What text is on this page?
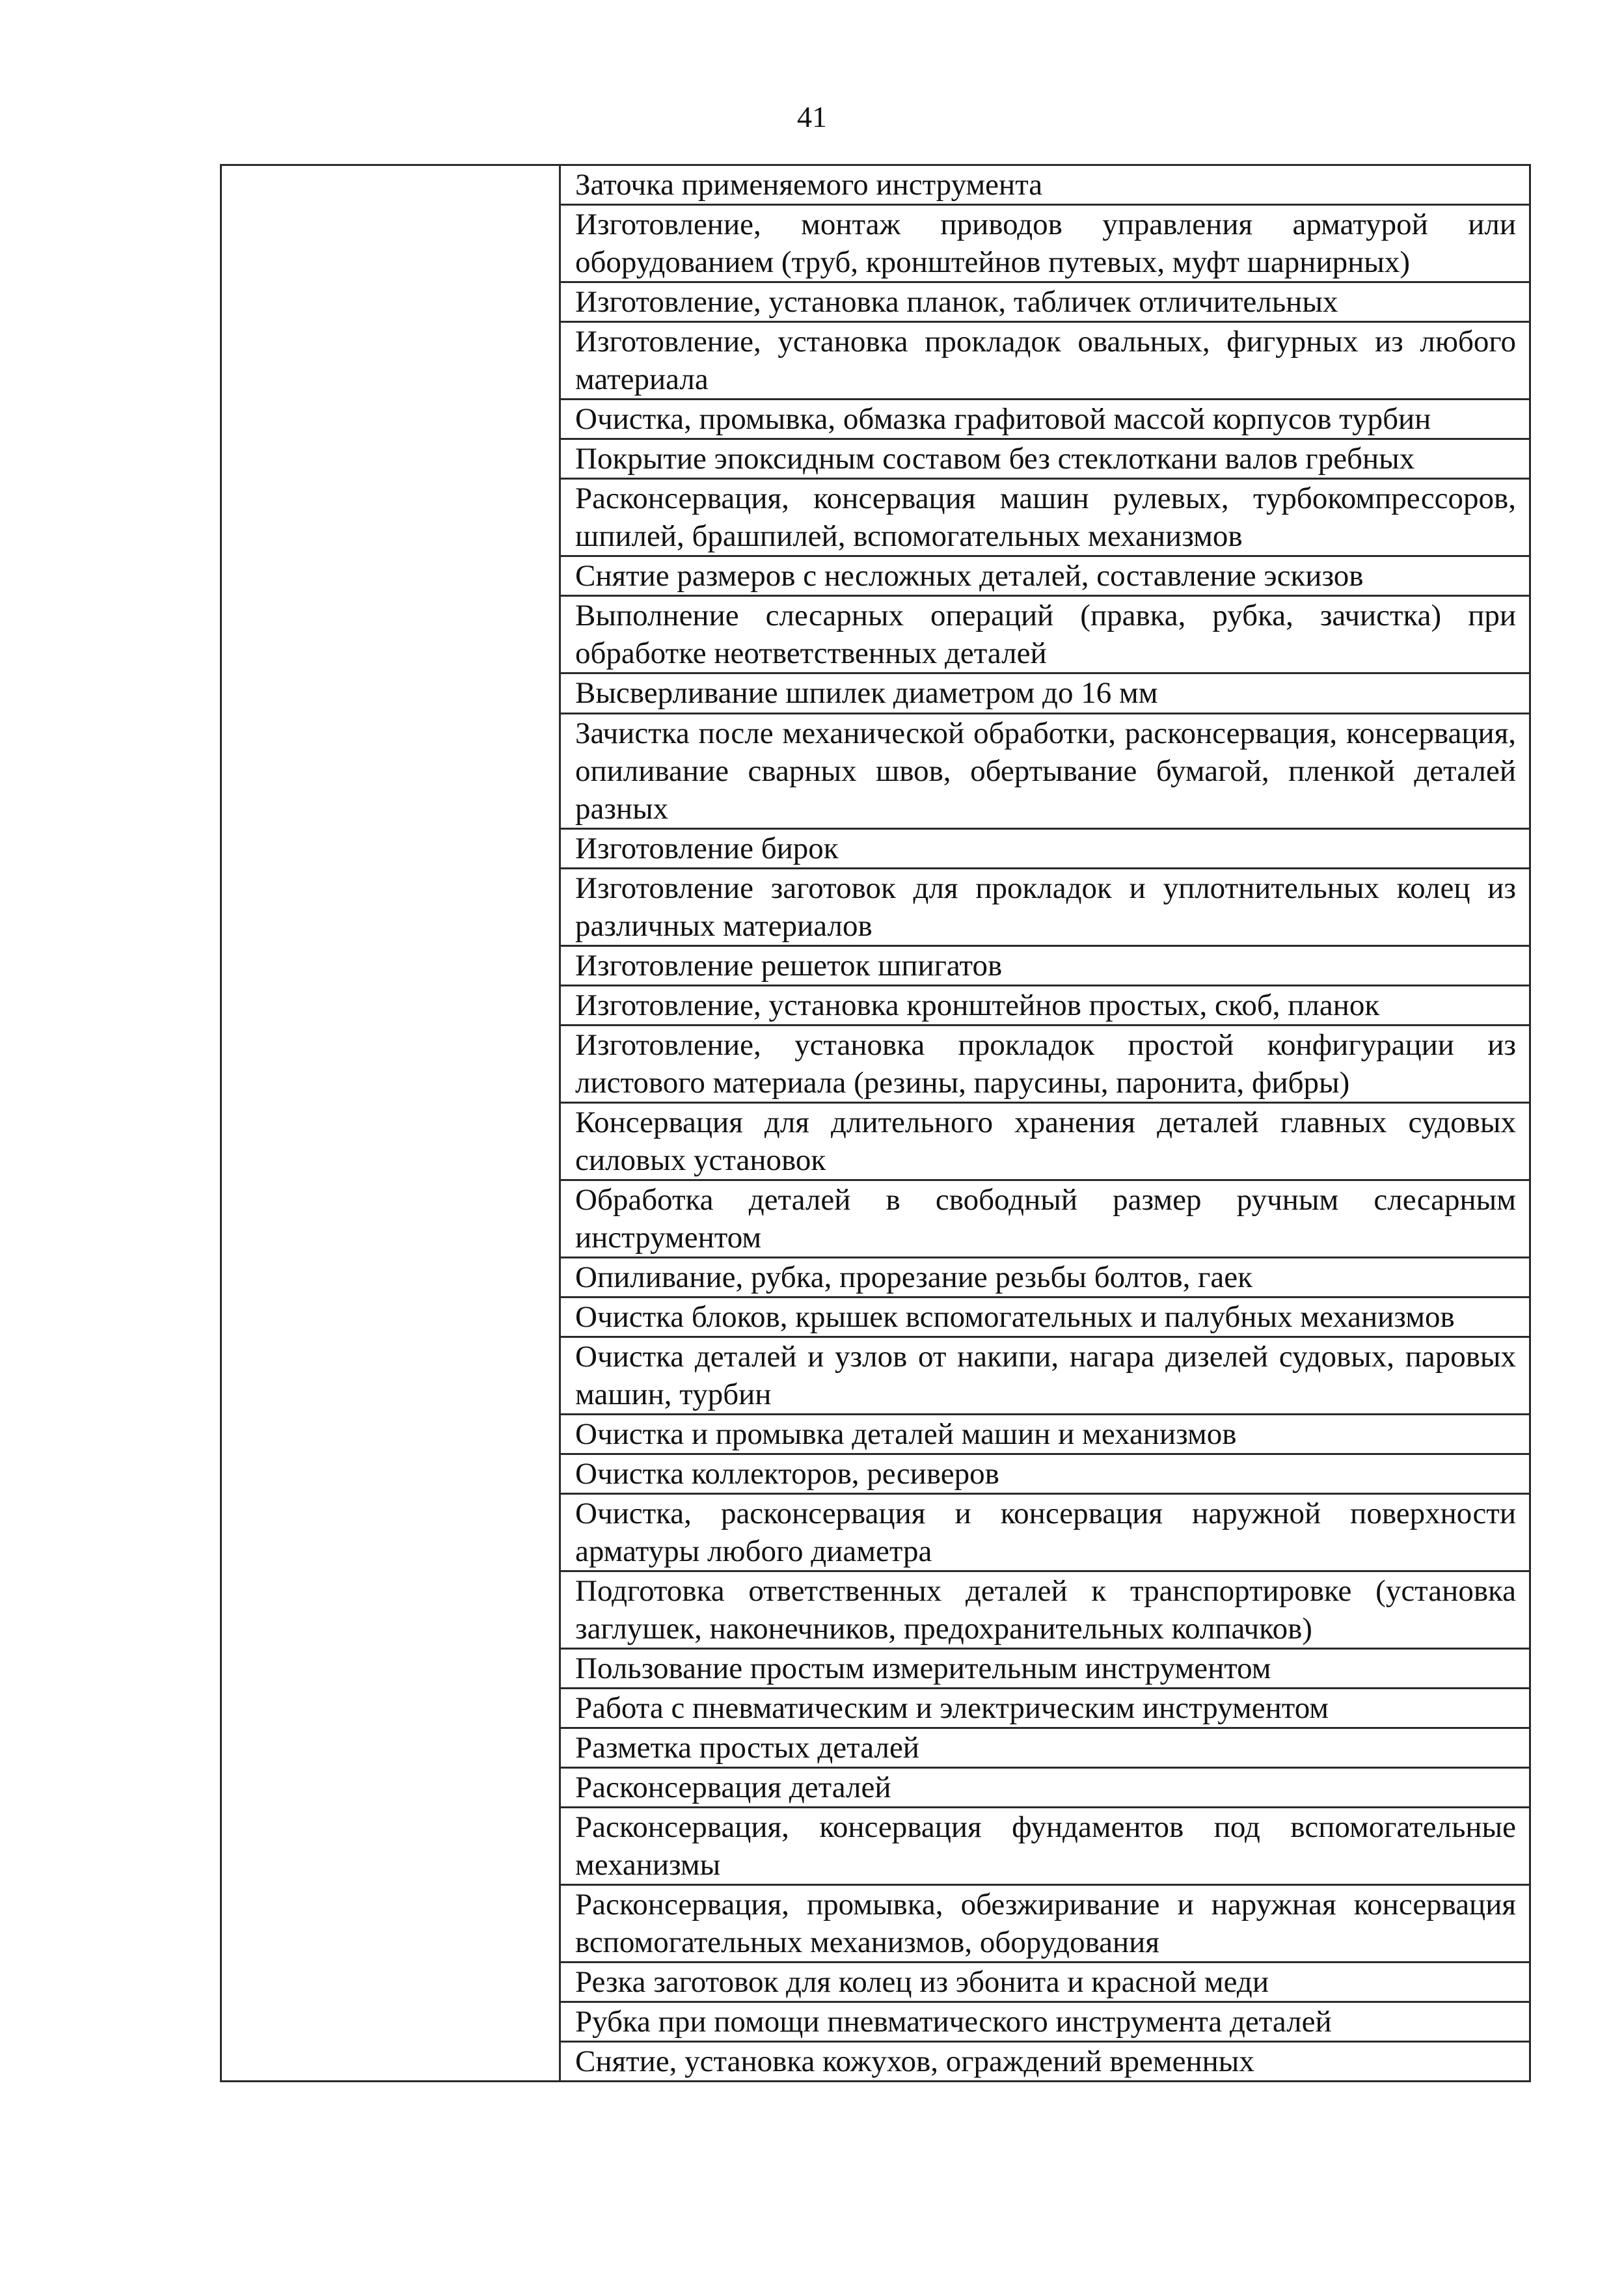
41
	Заточка применяемого инструмента
Изготовление, монтаж приводов управления арматурой или оборудованием (труб, кронштейнов путевых, муфт шарнирных)
Изготовление, установка планок, табличек отличительных
Изготовление, установка прокладок овальных, фигурных из любого материала
Очистка, промывка, обмазка графитовой массой корпусов турбин
Покрытие эпоксидным составом без стеклоткани валов гребных
Расконсервация, консервация машин рулевых, турбокомпрессоров, шпилей, брашпилей, вспомогательных механизмов
Снятие размеров с несложных деталей, составление эскизов
Выполнение слесарных операций (правка, рубка, зачистка) при обработке неответственных деталей
Высверливание шпилек диаметром до 16 мм
Зачистка после механической обработки, расконсервация, консервация, опиливание сварных швов, обертывание бумагой, пленкой деталей разных
Изготовление бирок
Изготовление заготовок для прокладок и уплотнительных колец из различных материалов
Изготовление решеток шпигатов
Изготовление, установка кронштейнов простых, скоб, планок
Изготовление, установка прокладок простой конфигурации из листового материала (резины, парусины, паронита, фибры)
Консервация для длительного хранения деталей главных судовых силовых установок
Обработка деталей в свободный размер ручным слесарным инструментом
Опиливание, рубка, прорезание резьбы болтов, гаек
Очистка блоков, крышек вспомогательных и палубных механизмов
Очистка деталей и узлов от накипи, нагара дизелей судовых, паровых машин, турбин
Очистка и промывка деталей машин и механизмов
Очистка коллекторов, ресиверов
Очистка, расконсервация и консервация наружной поверхности арматуры любого диаметра
Подготовка ответственных деталей к транспортировке (установка заглушек, наконечников, предохранительных колпачков)
Пользование простым измерительным инструментом
Работа с пневматическим и электрическим инструментом
Разметка простых деталей
Расконсервация деталей
Расконсервация, консервация фундаментов под вспомогательные механизмы
Расконсервация, промывка, обезжиривание и наружная консервация вспомогательных механизмов, оборудования
Резка заготовок для колец из эбонита и красной меди
Рубка при помощи пневматического инструмента деталей
Снятие, установка кожухов, ограждений временных
